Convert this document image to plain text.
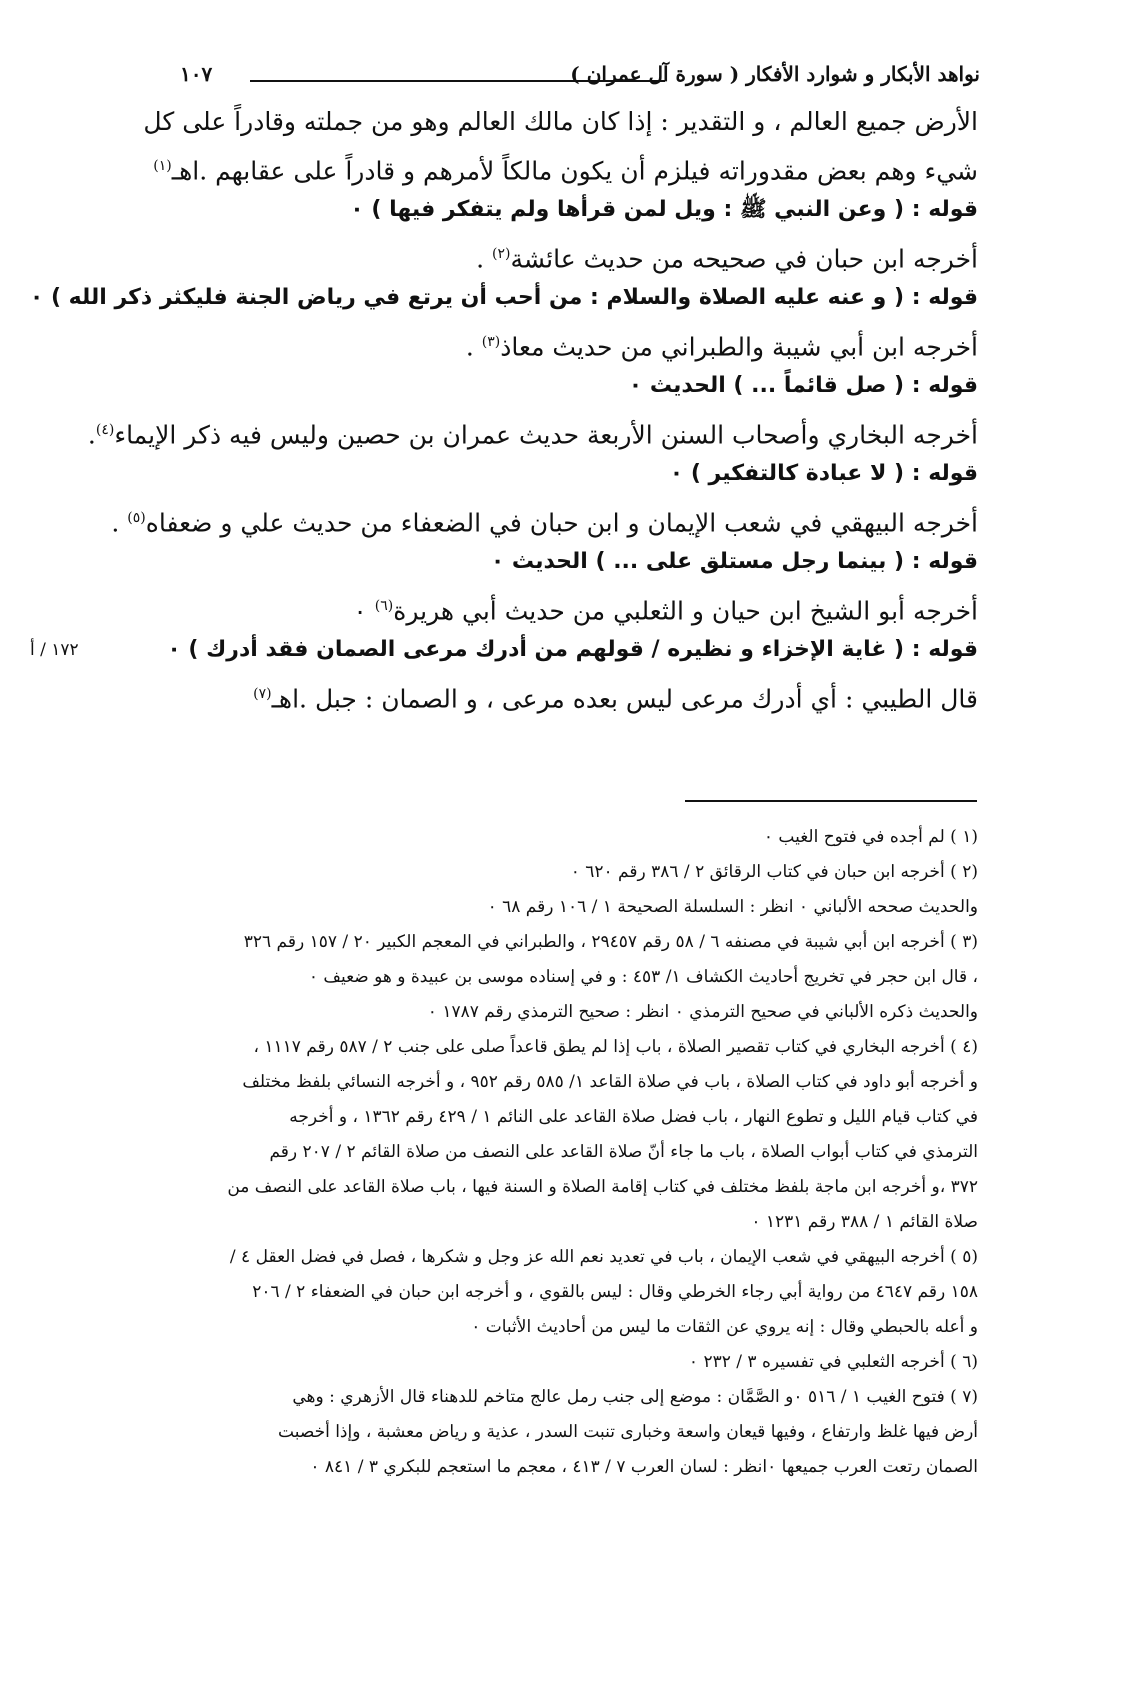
نواهد الأبكار و شوارد الأفكار ( سورة آل عمران )
١٠٧
١٧٢ / أ
الأرض جميع العالم ، و التقدير : إذا كان مالك العالم وهو من جملته وقادراً على كل
شيء وهم بعض مقدوراته فيلزم أن يكون مالكاً لأمرهم و قادراً على عقابهم .اهـ$^{(١)}$
قوله : ( وعن النبي ﷺ : ويل لمن قرأها ولم يتفكر فيها ) ٠
أخرجه ابن حبان في صحيحه من حديث عائشة$^{(٢)}$ .
قوله : ( و عنه عليه الصلاة والسلام : من أحب أن يرتع في رياض الجنة فليكثر ذكر الله ) ٠
أخرجه ابن أبي شيبة والطبراني من حديث معاذ$^{(٣)}$ .
قوله : ( صل قائماً ... ) الحديث ٠
أخرجه البخاري وأصحاب السنن الأربعة حديث عمران بن حصين وليس فيه ذكر الإيماء$^{(٤)}$.
قوله : ( لا عبادة كالتفكير ) ٠
أخرجه البيهقي في شعب الإيمان و ابن حبان في الضعفاء من حديث علي و ضعفاه$^{(٥)}$ .
قوله : ( بينما رجل مستلق على ... ) الحديث ٠
أخرجه أبو الشيخ ابن حيان و الثعلبي من حديث أبي هريرة$^{(٦)}$ ٠
قوله : ( غاية الإخزاء و نظيره / قولهم من أدرك مرعى الصمان فقد أدرك ) ٠
قال الطيبي : أي أدرك مرعى ليس بعده مرعى ، و الصمان : جبل .اهـ$^{(٧)}$
(١ ) لم أجده في فتوح الغيب ٠
(٢ ) أخرجه ابن حبان في كتاب الرقائق ٢ / ٣٨٦ رقم ٦٢٠ ٠
والحديث صححه الألباني ٠ انظر : السلسلة الصحيحة ١ / ١٠٦ رقم ٦٨ ٠
(٣ ) أخرجه ابن أبي شيبة في مصنفه ٦ / ٥٨ رقم ٢٩٤٥٧ ، والطبراني في المعجم الكبير ٢٠ / ١٥٧ رقم ٣٢٦
، قال ابن حجر في تخريج أحاديث الكشاف ١/ ٤٥٣ : و في إسناده موسى بن عبيدة و هو ضعيف ٠
والحديث ذكره الألباني في صحيح الترمذي ٠ انظر : صحيح الترمذي رقم ١٧٨٧ ٠
(٤ ) أخرجه البخاري في كتاب تقصير الصلاة ، باب إذا لم يطق قاعداً صلى على جنب ٢ / ٥٨٧ رقم ١١١٧ ،
و أخرجه أبو داود في كتاب الصلاة ، باب في صلاة القاعد ١/ ٥٨٥ رقم ٩٥٢ ، و أخرجه النسائي بلفظ مختلف
في كتاب قيام الليل و تطوع النهار ، باب فضل صلاة القاعد على النائم ١ / ٤٢٩ رقم ١٣٦٢ ، و أخرجه
الترمذي في كتاب أبواب الصلاة ، باب ما جاء أنّ صلاة القاعد على النصف من صلاة القائم ٢ / ٢٠٧ رقم
٣٧٢ ،و أخرجه ابن ماجة بلفظ مختلف في كتاب إقامة الصلاة و السنة فيها ، باب صلاة القاعد على النصف من
صلاة القائم ١ / ٣٨٨ رقم ١٢٣١ ٠
(٥ ) أخرجه البيهقي في شعب الإيمان ، باب في تعديد نعم الله عز وجل و شكرها ، فصل في فضل العقل ٤ /
١٥٨ رقم ٤٦٤٧ من رواية أبي رجاء الخرطي وقال : ليس بالقوي ، و أخرجه ابن حبان في الضعفاء ٢ / ٢٠٦
و أعله بالحبطي وقال : إنه يروي عن الثقات ما ليس من أحاديث الأثبات ٠
(٦ ) أخرجه الثعلبي في تفسيره ٣ / ٢٣٢ ٠
(٧ ) فتوح الغيب ١ / ٥١٦ ٠و الصَّمَّان : موضع إلى جنب رمل عالج متاخم للدهناء قال الأزهري : وهي
أرض فيها غلظ وارتفاع ، وفيها قيعان واسعة وخبارى تنبت السدر ، عذية و رياض معشبة ، وإذا أخصبت
الصمان رتعت العرب جميعها ٠انظر : لسان العرب ٧ / ٤١٣ ، معجم ما استعجم للبكري ٣ / ٨٤١ ٠
